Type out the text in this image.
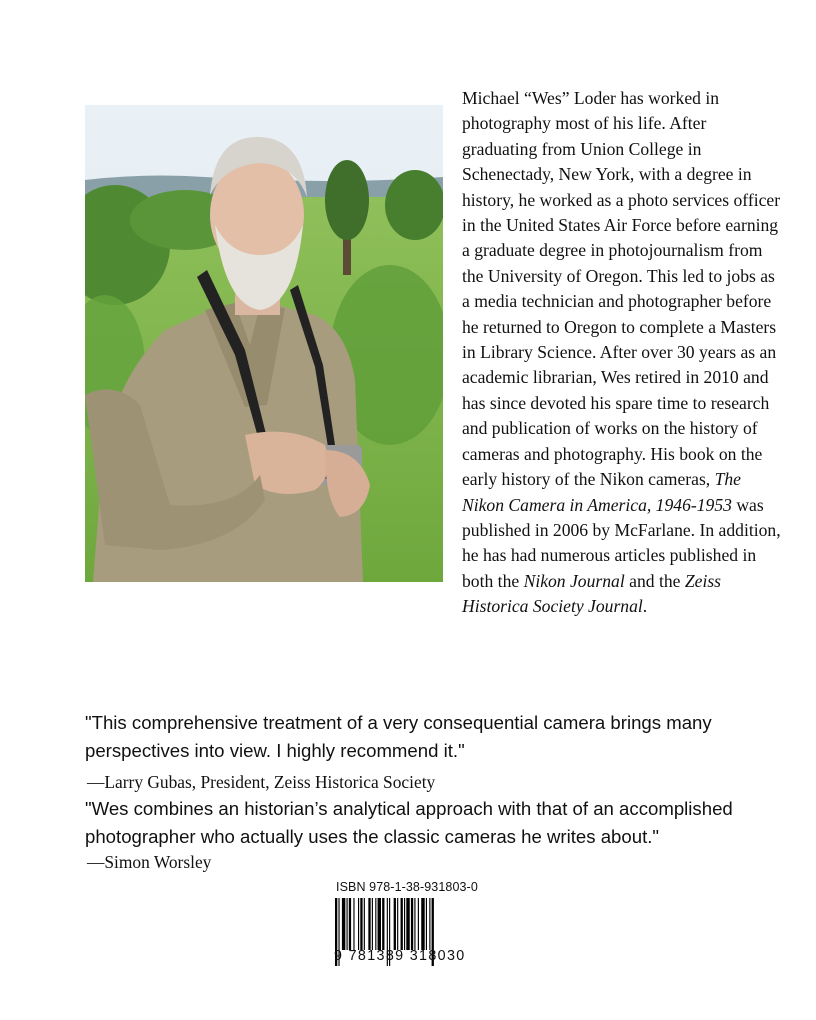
Michael “Wes” Loder has worked in photography most of his life. After graduating from Union College in Schenectady, New York, with a degree in history, he worked as a photo services officer in the United States Air Force before earning a graduate degree in photojournalism from the University of Oregon. This led to jobs as a media technician and photographer before he returned to Oregon to complete a Masters in Library Science. After over 30 years as an academic librarian, Wes retired in 2010 and has since devoted his spare time to research and publication of works on the history of cameras and photography. His book on the early history of the Nikon cameras, The Nikon Camera in America, 1946-1953 was published in 2006 by McFarlane. In addition, he has had numerous articles published in both the Nikon Journal and the Zeiss Historica Society Journal.

"This comprehensive treatment of a very consequential camera brings many perspectives into view. I highly recommend it."

—Larry Gubas, President, Zeiss Historica Society

"Wes combines an historian’s analytical approach with that of an accomplished photographer who actually uses the classic cameras he writes about."

—Simon Worsley
ISBN 978-1-38-931803-0
9 781389 318030
